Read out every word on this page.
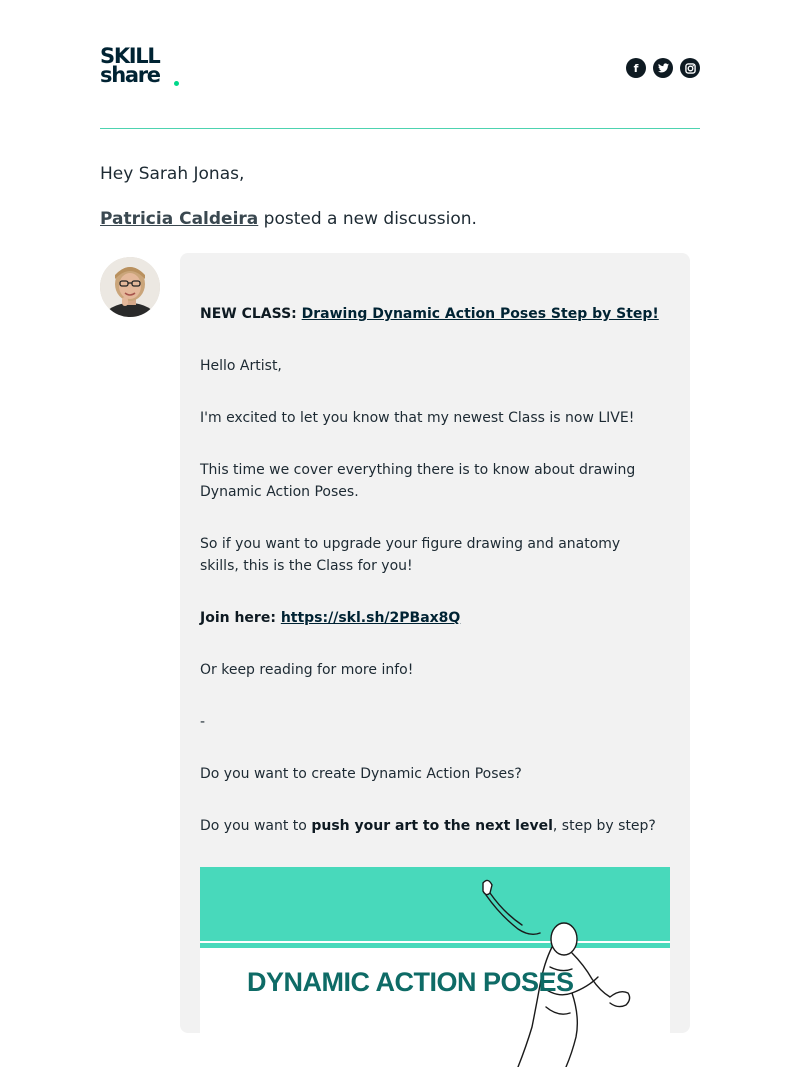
SKILL
share	f
Hey Sarah Jonas,
Patricia Caldeira posted a new discussion.

NEW CLASS: Drawing Dynamic Action Poses Step by Step!

Hello Artist,

I'm excited to let you know that my newest Class is now LIVE!

This time we cover everything there is to know about drawing Dynamic Action Poses.

So if you want to upgrade your figure drawing and anatomy skills, this is the Class for you!

Join here: https://skl.sh/2PBax8Q

Or keep reading for more info!

-

Do you want to create Dynamic Action Poses?

Do you want to push your art to the next level, step by step?

DYNAMIC ACTION POSES
